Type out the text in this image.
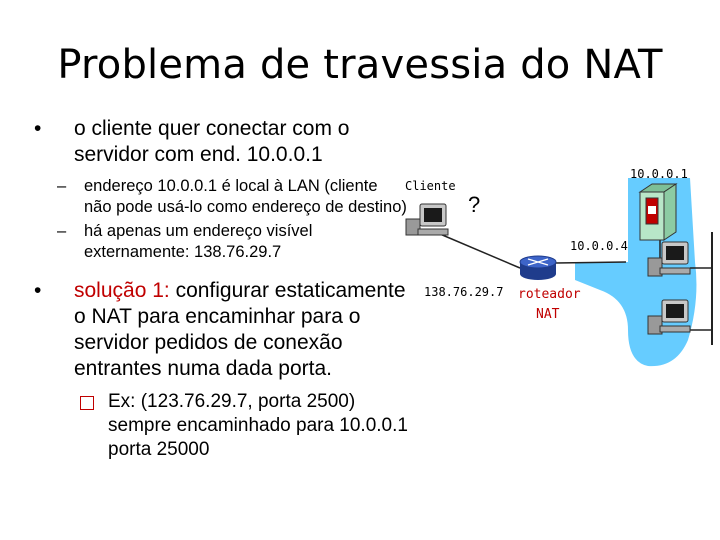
Problema de travessia do NAT
• o cliente quer conectar com o servidor com end. 10.0.0.1
– endereço 10.0.0.1 é local à LAN (cliente não pode usá-lo como endereço de destino)
– há apenas um endereço visível externamente: 138.76.29.7
• solução 1: configurar estaticamente o NAT para encaminhar para o servidor pedidos de conexão entrantes numa dada porta.
Ex: (123.76.29.7, porta 2500) sempre encaminhado para 10.0.0.1 porta 25000
Cliente
?
10.0.0.1
10.0.0.4
138.76.29.7 roteador
NAT
